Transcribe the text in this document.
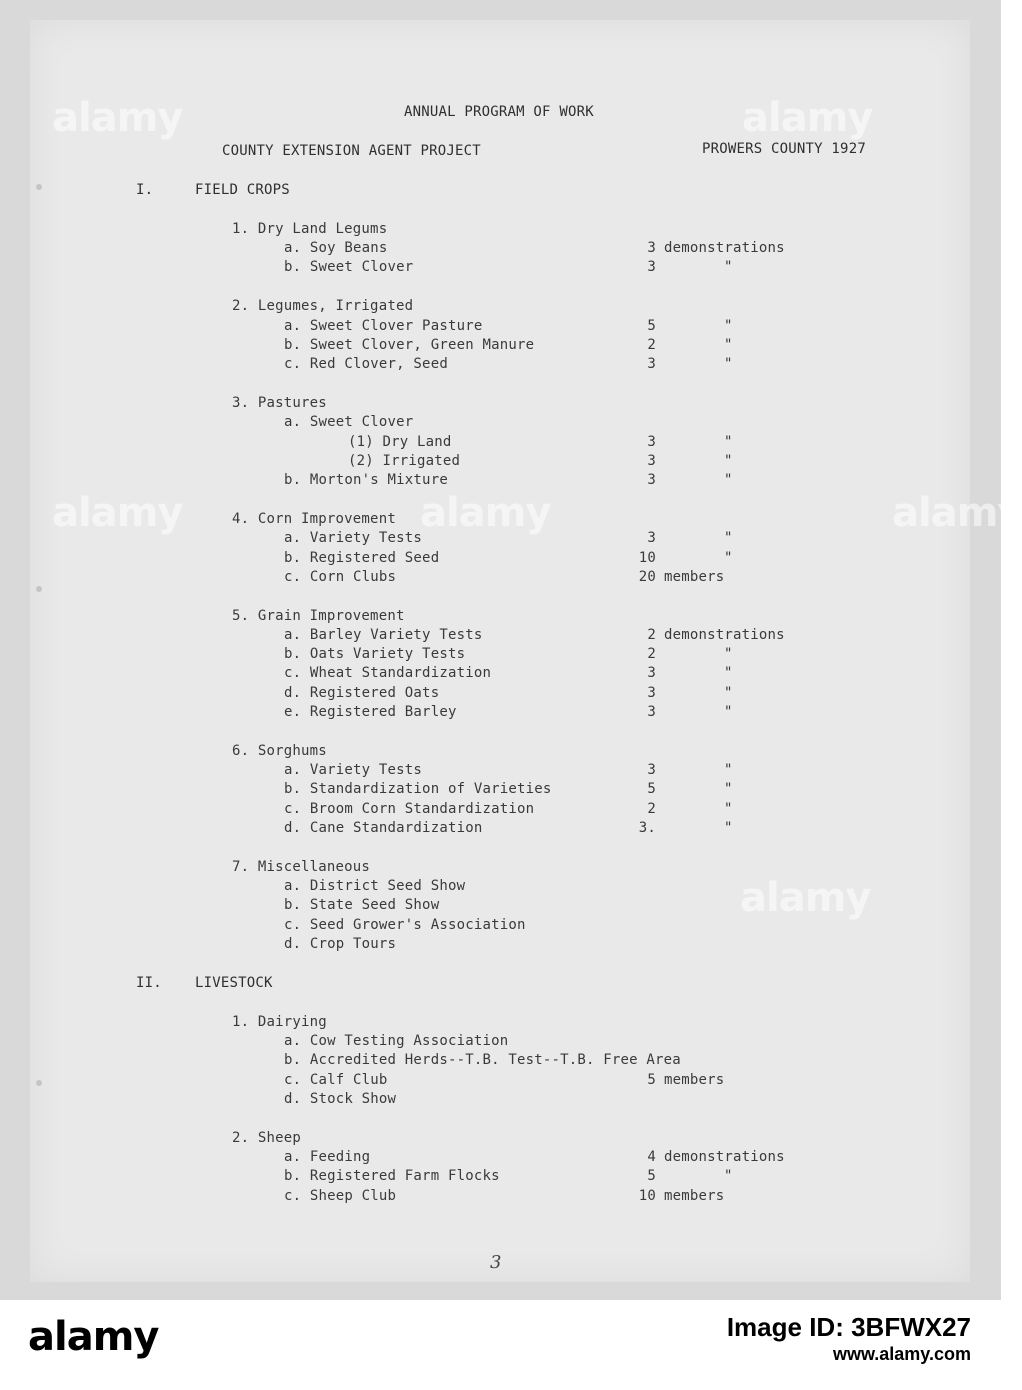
ANNUAL PROGRAM OF WORK
COUNTY EXTENSION AGENT PROJECT	PROWERS COUNTY 1927
I.	FIELD CROPS
1. Dry Land Legums
a. Soy Beans	3 demonstrations
b. Sweet Clover	3	"
2. Legumes, Irrigated
a. Sweet Clover Pasture	5	"
b. Sweet Clover, Green Manure	2	"
c. Red Clover, Seed	3	"
3. Pastures
a. Sweet Clover
(1) Dry Land	3	"
(2) Irrigated	3	"
b. Morton's Mixture	3	"
4. Corn Improvement
a. Variety Tests	3	"
b. Registered Seed	10	"
c. Corn Clubs	20 members
5. Grain Improvement
a. Barley Variety Tests	2 demonstrations
b. Oats Variety Tests	2	"
c. Wheat Standardization	3	"
d. Registered Oats	3	"
e. Registered Barley	3	"
6. Sorghums
a. Variety Tests	3	"
b. Standardization of Varieties	5	"
c. Broom Corn Standardization	2	"
d. Cane Standardization	3.	"
7. Miscellaneous
a. District Seed Show
b. State Seed Show
c. Seed Grower's Association
d. Crop Tours
II. LIVESTOCK
1. Dairying
a. Cow Testing Association
b. Accredited Herds--T.B. Test--T.B. Free Area
c. Calf Club	5 members
d. Stock Show
2. Sheep
a. Feeding	4 demonstrations
b. Registered Farm Flocks	5	"
c. Sheep Club	10 members
3
alamy	alamy
alamy	alamy	alamy
alamy
alamy	Image ID: 3BFWX27
www.alamy.com
